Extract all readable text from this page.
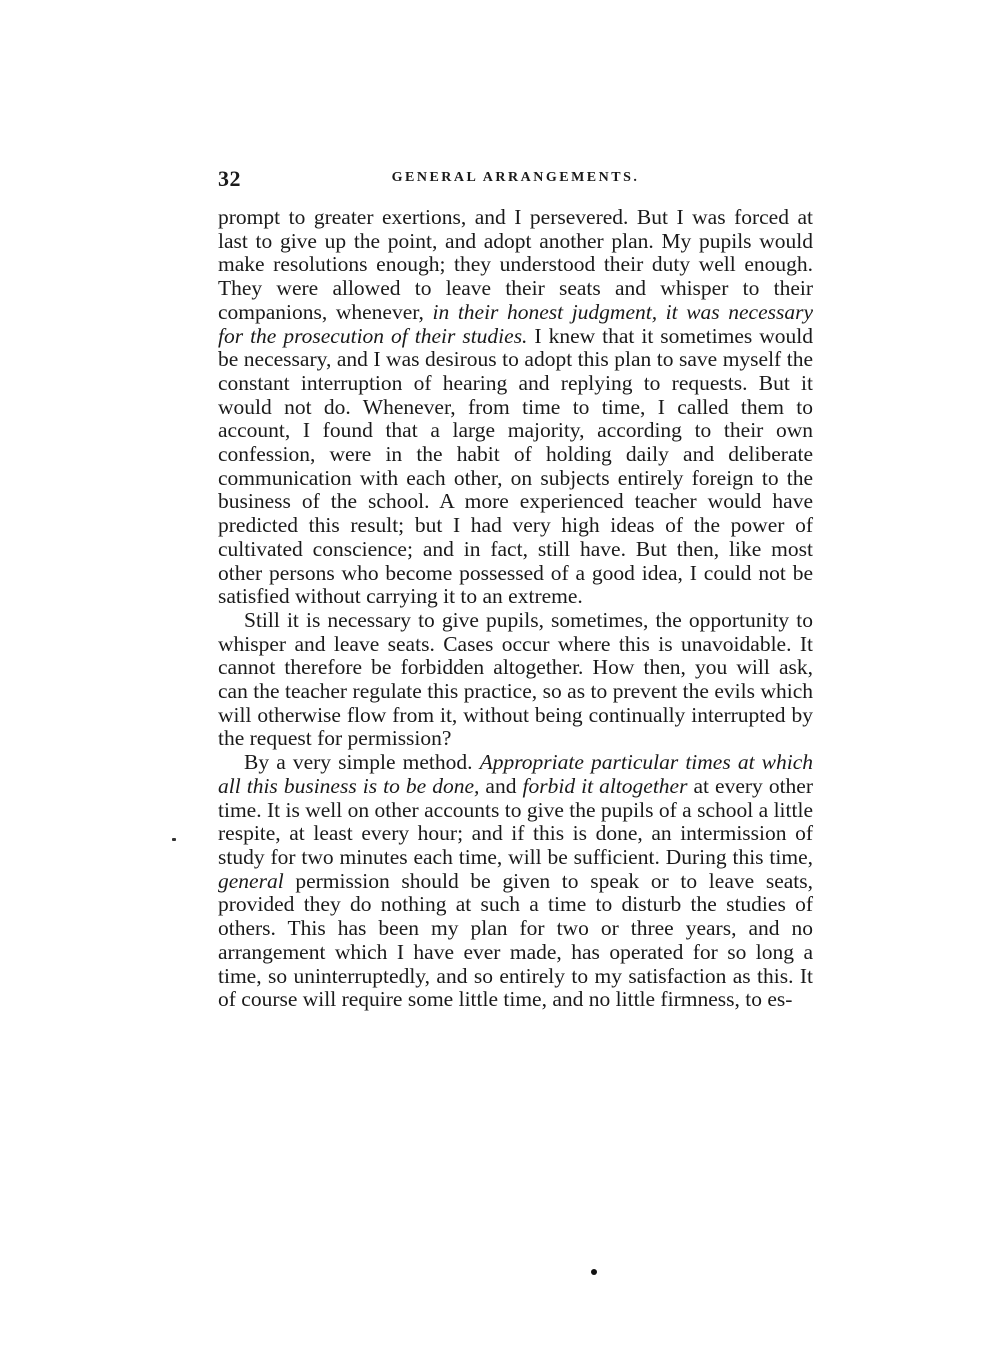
32	GENERAL ARRANGEMENTS.

prompt to greater exertions, and I persevered. But I was forced at last to give up the point, and adopt another plan. My pupils would make resolutions enough; they understood their duty well enough. They were allowed to leave their seats and whisper to their companions, whenever, in their honest judgment, it was necessary for the prosecution of their studies. I knew that it sometimes would be necessary, and I was desirous to adopt this plan to save myself the constant interruption of hearing and replying to requests. But it would not do. Whenever, from time to time, I called them to account, I found that a large majority, according to their own confession, were in the habit of holding daily and deliberate communication with each other, on subjects entirely foreign to the business of the school. A more experienced teacher would have predicted this result; but I had very high ideas of the power of cultivated conscience; and in fact, still have. But then, like most other persons who become possessed of a good idea, I could not be satisfied without carrying it to an extreme.

Still it is necessary to give pupils, sometimes, the opportunity to whisper and leave seats. Cases occur where this is unavoidable. It cannot therefore be forbidden altogether. How then, you will ask, can the teacher regulate this practice, so as to prevent the evils which will otherwise flow from it, without being continually interrupted by the request for permission?

By a very simple method. Appropriate particular times at which all this business is to be done, and forbid it altogether at every other time. It is well on other accounts to give the pupils of a school a little respite, at least every hour; and if this is done, an intermission of study for two minutes each time, will be sufficient. During this time, general permission should be given to speak or to leave seats, provided they do nothing at such a time to disturb the studies of others. This has been my plan for two or three years, and no arrangement which I have ever made, has operated for so long a time, so uninterruptedly, and so entirely to my satisfaction as this. It of course will require some little time, and no little firmness, to es-
